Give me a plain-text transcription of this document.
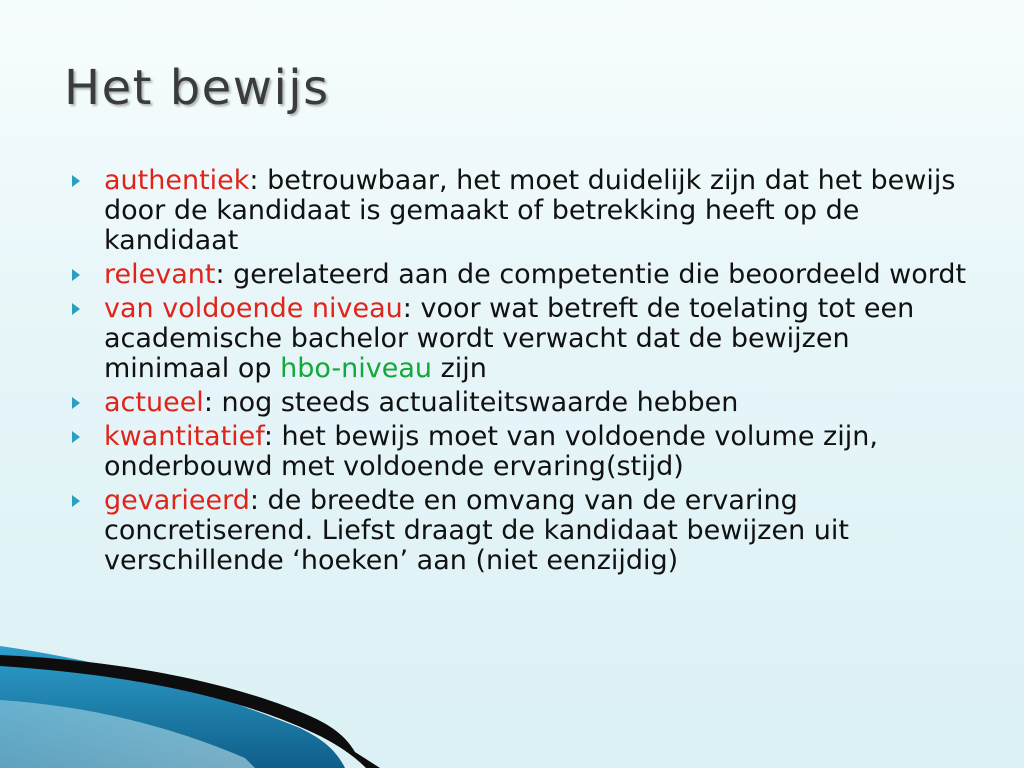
Het bewijs
authentiek: betrouwbaar, het moet duidelijk zijn dat het bewijs door de kandidaat is gemaakt of betrekking heeft op de kandidaat
relevant: gerelateerd aan de competentie die beoordeeld wordt
van voldoende niveau: voor wat betreft de toelating tot een academische bachelor wordt verwacht dat de bewijzen minimaal op hbo-niveau zijn
actueel: nog steeds actualiteitswaarde hebben
kwantitatief: het bewijs moet van voldoende volume zijn, onderbouwd met voldoende ervaring(stijd)
gevarieerd: de breedte en omvang van de ervaring concretiserend. Liefst draagt de kandidaat bewijzen uit verschillende ‘hoeken’ aan (niet eenzijdig)
